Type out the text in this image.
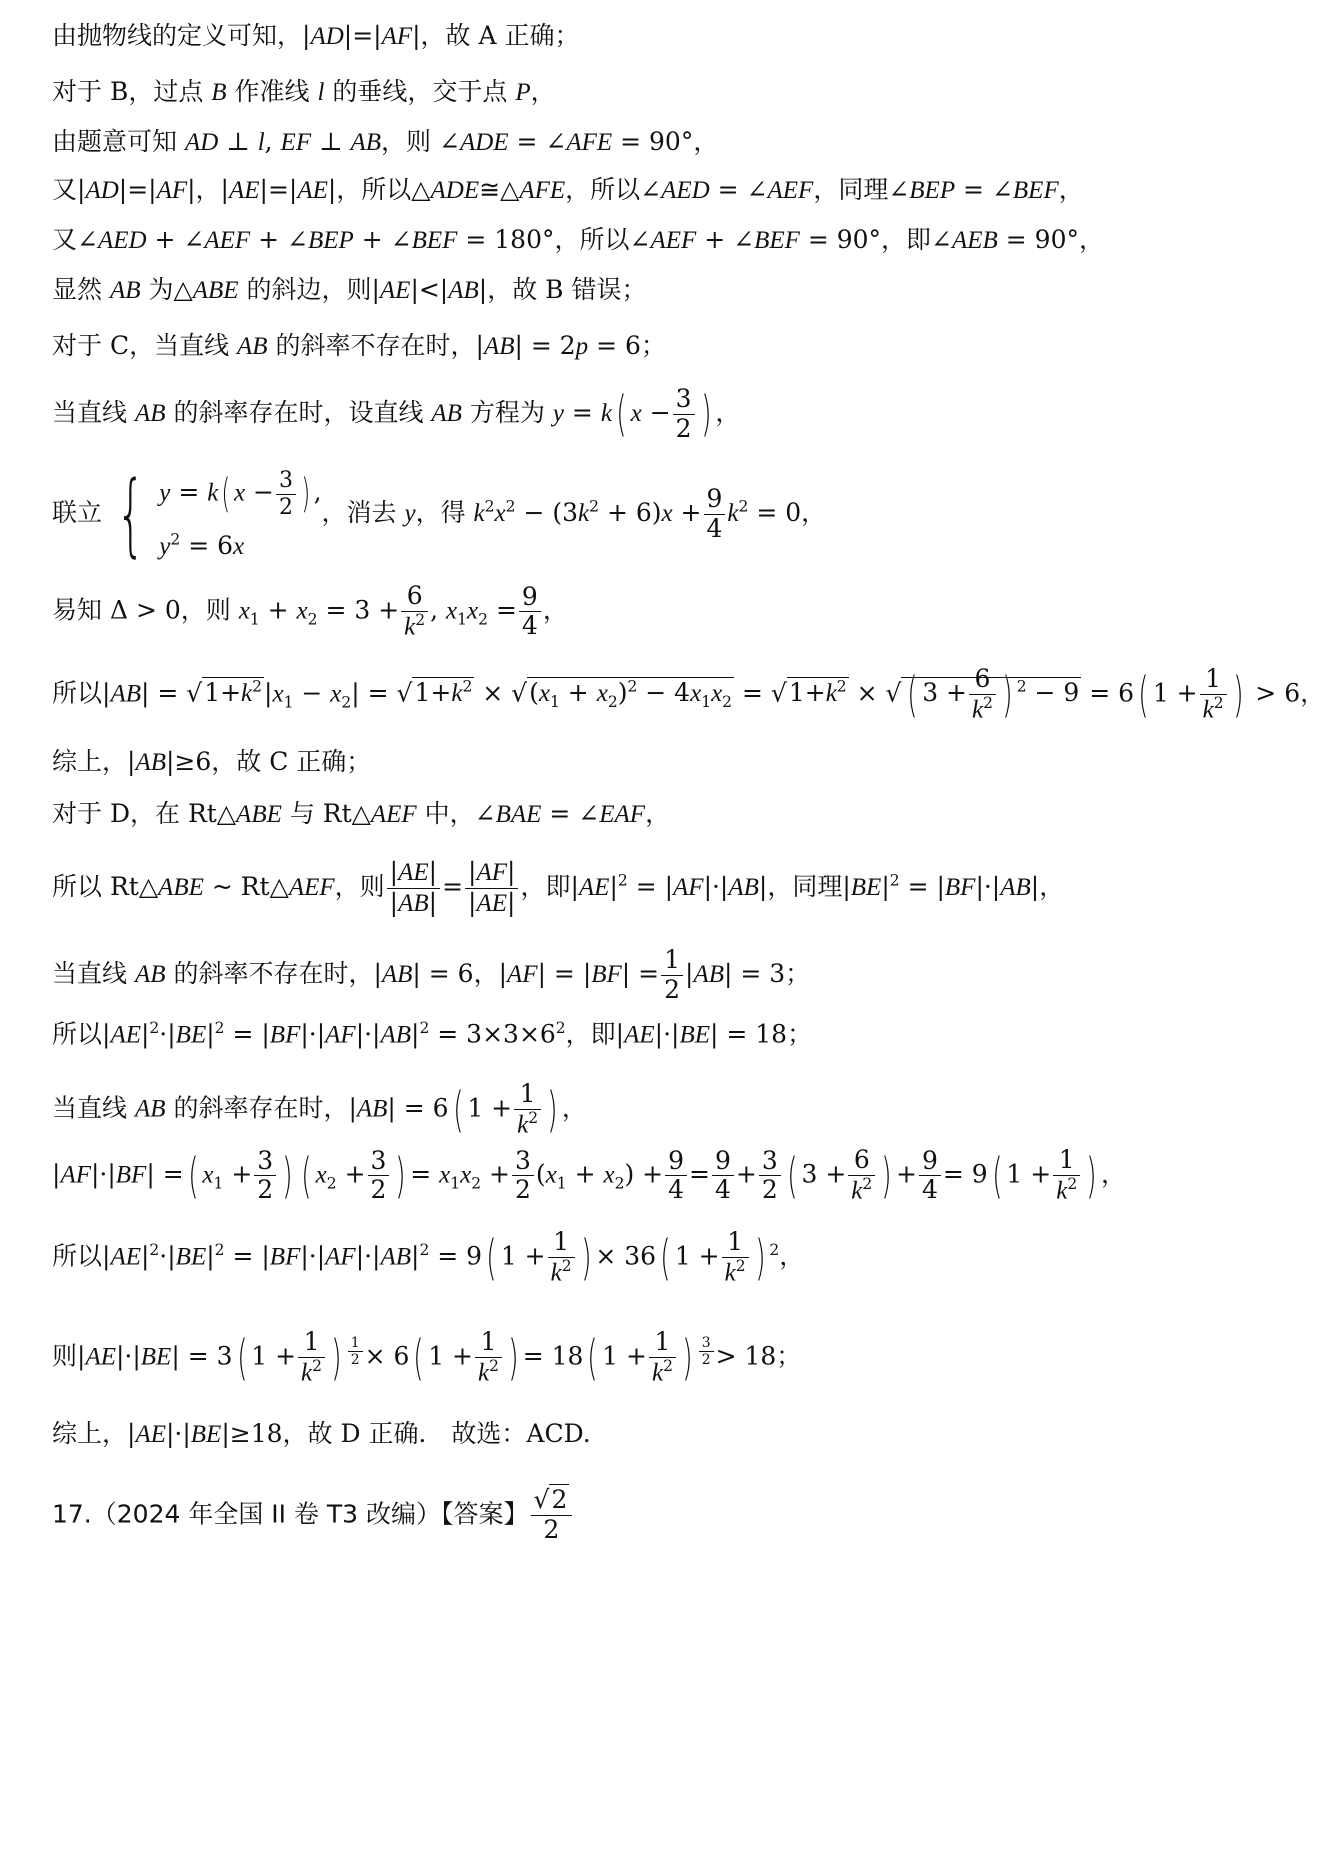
由抛物线的定义可知，|AD|=|AF|，故 A 正确；
对于 B，过点 B 作准线 l 的垂线，交于点 P，
由题意可知 AD ⊥ l, EF ⊥ AB，则 ∠ADE = ∠AFE = 90°，
又|AD|=|AF|，|AE|=|AE|，所以△ADE≅△AFE，所以∠AED = ∠AEF，同理∠BEP = ∠BEF，
又∠AED + ∠AEF + ∠BEP + ∠BEF = 180°，所以∠AEF + ∠BEF = 90°，即∠AEB = 90°，
显然 AB 为△ABE 的斜边，则|AE|<|AB|，故 B 错误；
对于 C，当直线 AB 的斜率不存在时，|AB| = 2p = 6；
当直线 AB 的斜率存在时，设直线 AB 方程为 y = k( $x - \frac{3}{2}$ ) ，
联立 { y = k( $x - \frac{3}{2}$ ) ,
$y^2 = 6x$
，消去 y，得 $k^2x^2 - (3k^2 + 6)x + \frac{9}{4} k^2 = 0$，
易知 Δ > 0，则 $x_1 + x_2 = 3 + \frac{6}{k^2}$ , $x_1x_2 = \frac{9}{4}$ ，
所以$|AB| = √1+k^2|x_1 - x_2| = √1+k^2 \times √(x_1 + x_2)^2 - 4x_1x_2 = √1+k^2$ × √ ( $3 + \frac{6}{k^2}$ ) $^2$ − 9 = 6( $1 + \frac{1}{k^2}$ ) > 6，
综上，|AB|≥6，故 C 正确；
对于 D，在 Rt△ABE 与 Rt△AEF 中，∠BAE = ∠EAF，
所以 Rt△ABE ~ Rt△AEF，则 $\frac{|AE|}{|AB|} = \frac{|AF|}{|AE|}$ ，即$|AE|^2 = |AF|\cdot|AB|$，同理$|BE|^2 = |BF|\cdot|AB|$，
当直线 AB 的斜率不存在时，|AB| = 6，$|AF| = |BF| = \frac{1}{2} |AB| = 3$；
所以$|AE|^2\cdot|BE|^2 = |BF|\cdot|AF|\cdot|AB|^2 = 3\times 3\times 6^2$，即|AE|·|BE| = 18；
当直线 AB 的斜率存在时，|AB| = 6( $1 + \frac{1}{k^2}$ ) ，
|AF|·|BF| =( $x_1 + \frac{3}{2}$ ) ( $x_2 + \frac{3}{2}$ ) = $x_1x_2 + \frac{3}{2} (x_1 + x_2) + \frac{9}{4} = \frac{9}{4} + \frac{3}{2}$ ( $3 + \frac{6}{k^2}$ ) + $\frac{9}{4} = 9$( $1 + \frac{1}{k^2}$ ) ，
所以$|AE|^2\cdot|BE|^2 = |BF|\cdot|AF|\cdot|AB|^2 = 9$( $1 + \frac{1}{k^2}$ ) × 36( $1 + \frac{1}{k^2}$ ) $^2$，
则|AE|·|BE| = 3( $1 + \frac{1}{k^2}$ ) $^{\frac{1}{2}}$ × 6( $1 + \frac{1}{k^2}$ ) = 18( $1 + \frac{1}{k^2}$ ) $^{\frac{3}{2}}$ > 18；
综上，|AE|·|BE|≥18，故 D 正确． 故选：ACD.
17.（2024 年全国 II 卷 T3 改编）【答案】 $\frac{√2}{2}$
